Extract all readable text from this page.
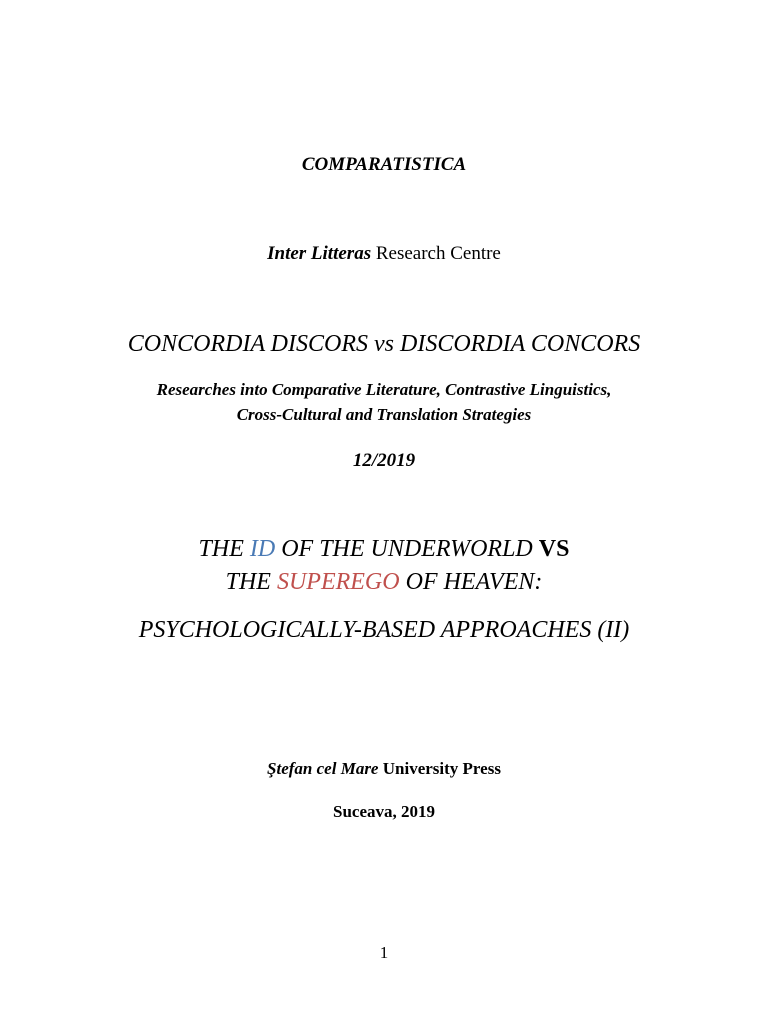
COMPARATISTICA
Inter Litteras Research Centre
CONCORDIA DISCORS vs DISCORDIA CONCORS
Researches into Comparative Literature, Contrastive Linguistics,
Cross-Cultural and Translation Strategies
12/2019
THE ID OF THE UNDERWORLD VS
THE SUPEREGO OF HEAVEN:
PSYCHOLOGICALLY-BASED APPROACHES (II)
Ştefan cel Mare University Press
Suceava, 2019
1
